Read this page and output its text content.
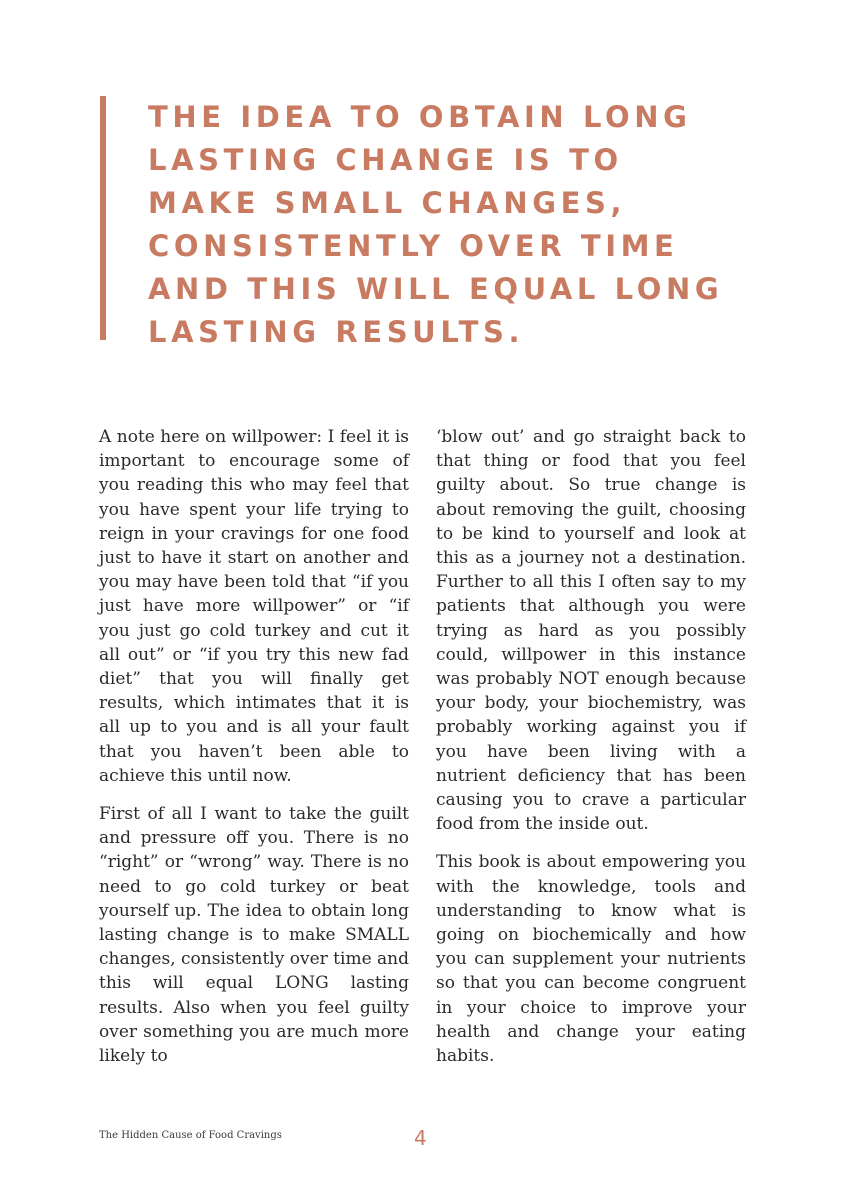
THE IDEA TO OBTAIN LONG LASTING CHANGE IS TO MAKE SMALL CHANGES, CONSISTENTLY OVER TIME AND THIS WILL EQUAL LONG LASTING RESULTS.

A note here on willpower: I feel it is important to encourage some of you reading this who may feel that you have spent your life trying to reign in your cravings for one food just to have it start on another and you may have been told that “if you just have more willpower” or “if you just go cold turkey and cut it all out” or “if you try this new fad diet” that you will finally get results, which intimates that it is all up to you and is all your fault that you haven’t been able to achieve this until now.

First of all I want to take the guilt and pressure off you. There is no “right” or “wrong” way. There is no need to go cold turkey or beat yourself up. The idea to obtain long lasting change is to make SMALL changes, consistently over time and this will equal LONG lasting results. Also when you feel guilty over something you are much more likely to

‘blow out’ and go straight back to that thing or food that you feel guilty about. So true change is about removing the guilt, choosing to be kind to yourself and look at this as a journey not a destination. Further to all this I often say to my patients that although you were trying as hard as you possibly could, willpower in this instance was probably NOT enough because your body, your biochemistry, was probably working against you if you have been living with a nutrient deficiency that has been causing you to crave a particular food from the inside out.

This book is about empowering you with the knowledge, tools and understanding to know what is going on biochemically and how you can supplement your nutrients so that you can become congruent in your choice to improve your health and change your eating habits.

The Hidden Cause of Food Cravings	4
